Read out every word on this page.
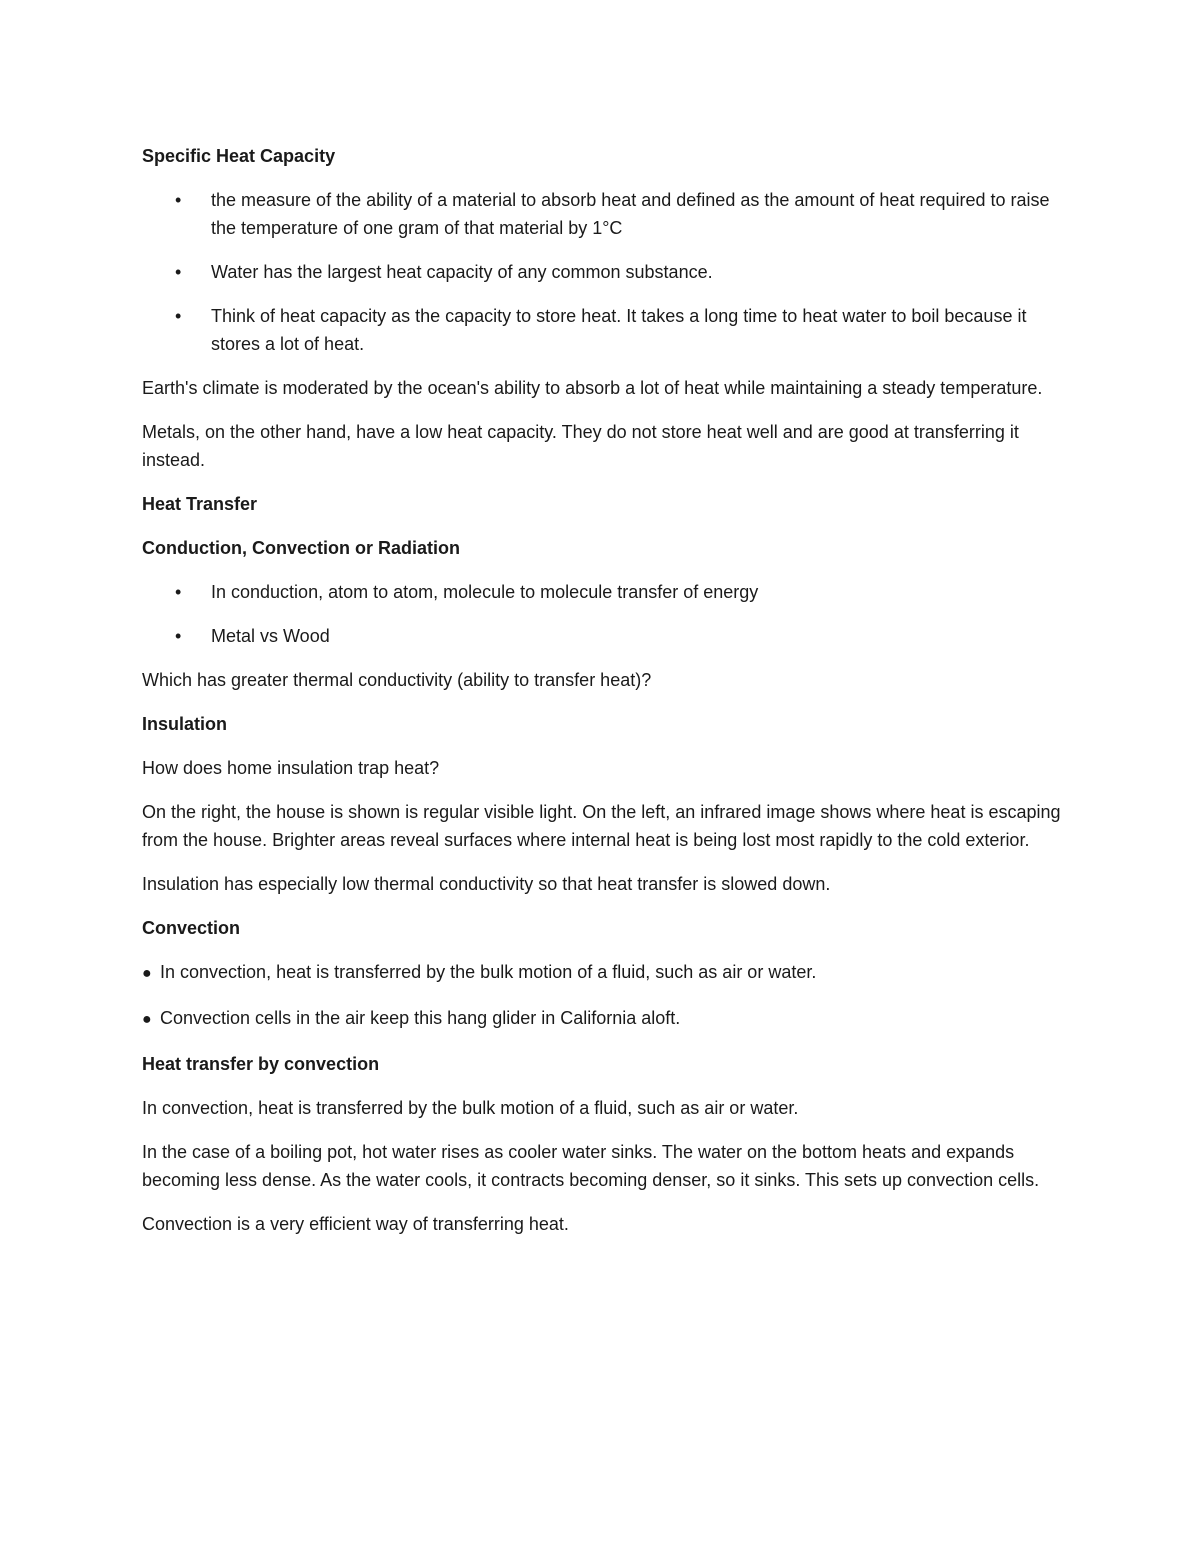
Specific Heat Capacity
• the measure of the ability of a material to absorb heat and defined as the amount of heat required to raise the temperature of one gram of that material by 1°C
• Water has the largest heat capacity of any common substance.
• Think of heat capacity as the capacity to store heat. It takes a long time to heat water to boil because it stores a lot of heat.
Earth's climate is moderated by the ocean's ability to absorb a lot of heat while maintaining a steady temperature.
Metals, on the other hand, have a low heat capacity. They do not store heat well and are good at transferring it instead.
Heat Transfer
Conduction, Convection or Radiation
• In conduction, atom to atom, molecule to molecule transfer of energy
• Metal vs Wood
Which has greater thermal conductivity (ability to transfer heat)?
Insulation
How does home insulation trap heat?
On the right, the house is shown is regular visible light. On the left, an infrared image shows where heat is escaping from the house. Brighter areas reveal surfaces where internal heat is being lost most rapidly to the cold exterior.
Insulation has especially low thermal conductivity so that heat transfer is slowed down.
Convection
● In convection, heat is transferred by the bulk motion of a fluid, such as air or water.
● Convection cells in the air keep this hang glider in California aloft.
Heat transfer by convection
In convection, heat is transferred by the bulk motion of a fluid, such as air or water.
In the case of a boiling pot, hot water rises as cooler water sinks. The water on the bottom heats and expands becoming less dense. As the water cools, it contracts becoming denser, so it sinks. This sets up convection cells.
Convection is a very efficient way of transferring heat.
